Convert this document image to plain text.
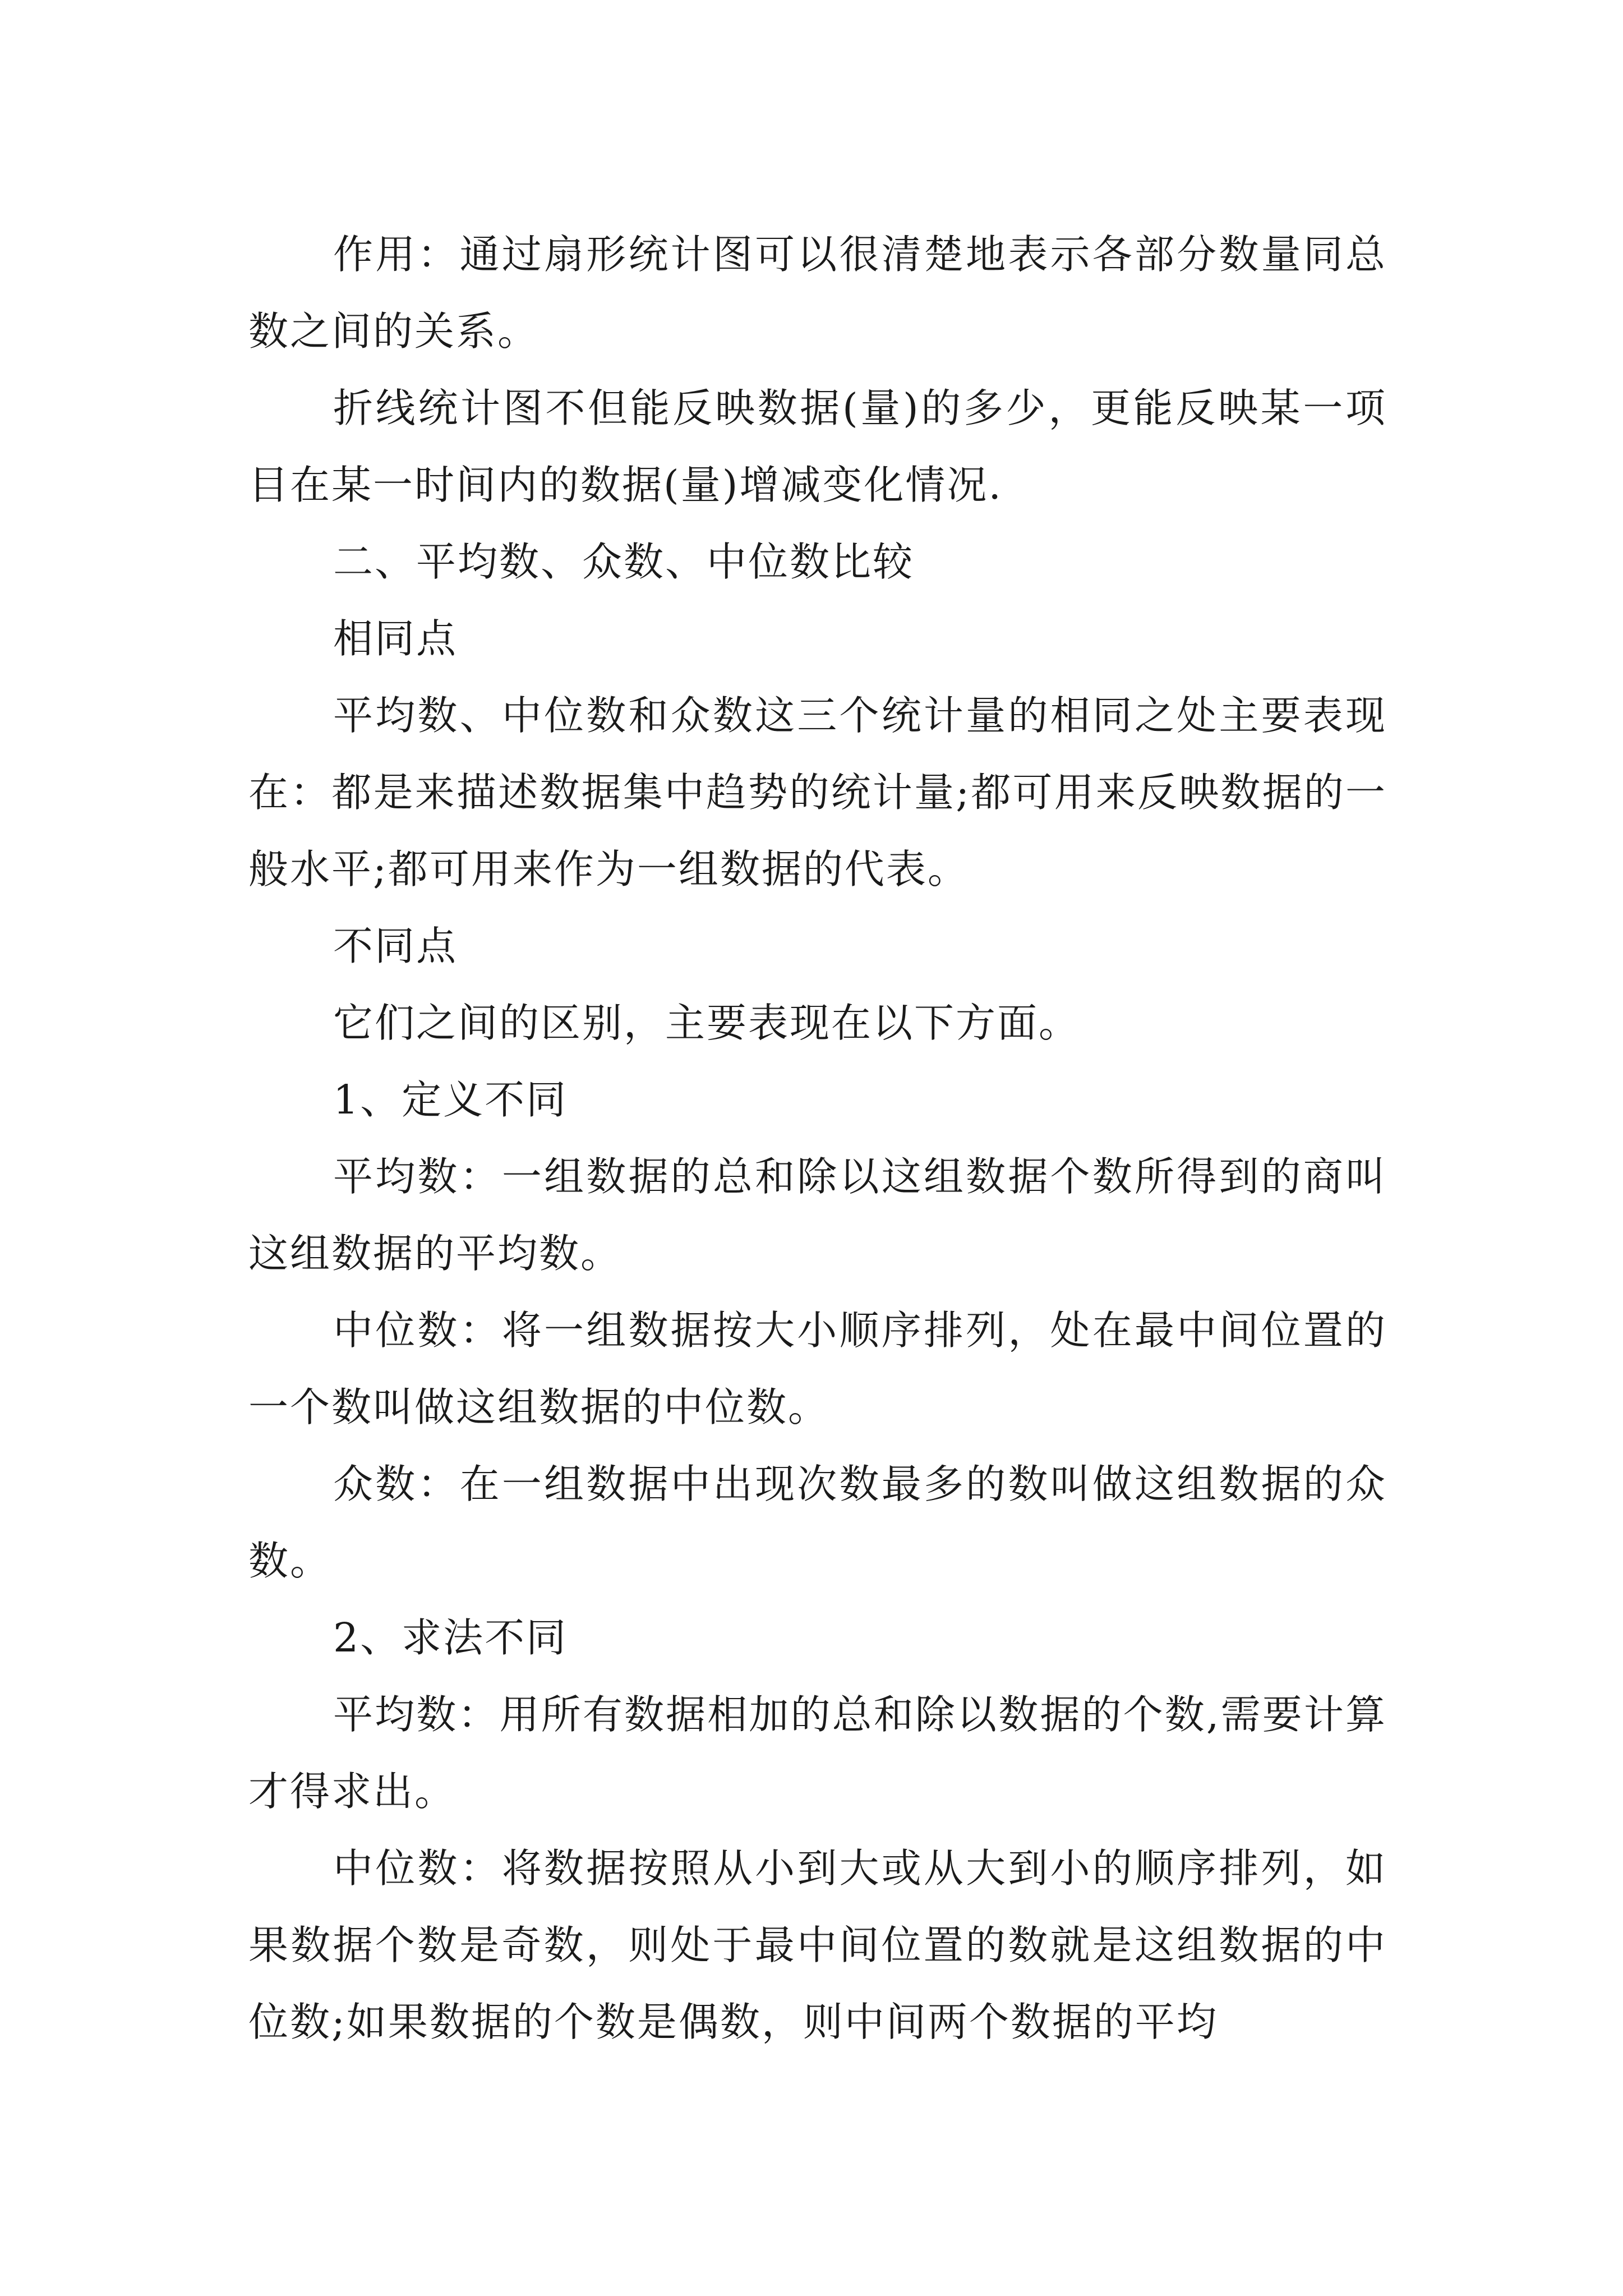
作用：通过扇形统计图可以很清楚地表示各部分数量同总数之间的关系。

折线统计图不但能反映数据(量)的多少，更能反映某一项目在某一时间内的数据(量)增减变化情况.

二、平均数、众数、中位数比较

相同点

平均数、中位数和众数这三个统计量的相同之处主要表现在：都是来描述数据集中趋势的统计量;都可用来反映数据的一般水平;都可用来作为一组数据的代表。

不同点

它们之间的区别，主要表现在以下方面。

1、定义不同

平均数：一组数据的总和除以这组数据个数所得到的商叫这组数据的平均数。

中位数：将一组数据按大小顺序排列，处在最中间位置的一个数叫做这组数据的中位数。

众数：在一组数据中出现次数最多的数叫做这组数据的众数。

2、求法不同

平均数：用所有数据相加的总和除以数据的个数,需要计算才得求出。

中位数：将数据按照从小到大或从大到小的顺序排列，如果数据个数是奇数，则处于最中间位置的数就是这组数据的中位数;如果数据的个数是偶数，则中间两个数据的平均
